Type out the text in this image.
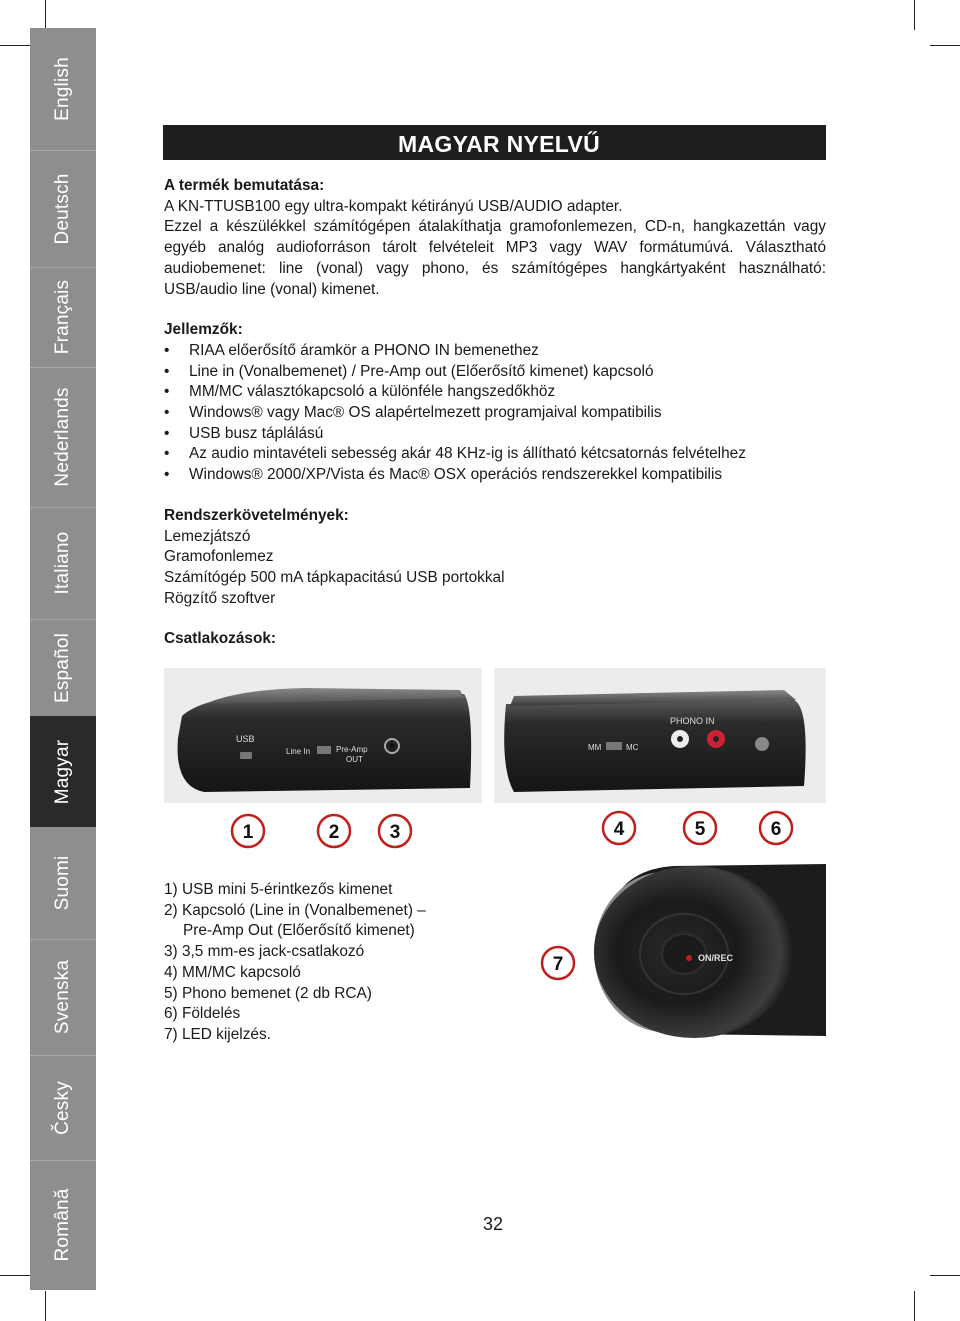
English
Deutsch
Français
Nederlands
Italiano
Español
Magyar
Suomi
Svenska
Česky
Română
MAGYAR NYELVŰ

A termék bemutatása:

A KN-TTUSB100 egy ultra-kompakt kétirányú USB/AUDIO adapter.

Ezzel a készülékkel számítógépen átalakíthatja gramofonlemezen, CD-n, hangkazettán vagy egyéb analóg audioforráson tárolt felvételeit MP3 vagy WAV formátumúvá. Választható audiobemenet: line (vonal) vagy phono, és számítógépes hangkártyaként használható: USB/audio line (vonal) kimenet.

Jellemzők:

• RIAA előerősítő áramkör a PHONO IN bemenethez
• Line in (Vonalbemenet) / Pre-Amp out (Előerősítő kimenet) kapcsoló
• MM/MC választókapcsoló a különféle hangszedőkhöz
• Windows® vagy Mac® OS alapértelmezett programjaival kompatibilis
• USB busz táplálású
• Az audio mintavételi sebesség akár 48 KHz-ig is állítható kétcsatornás felvételhez
• Windows® 2000/XP/Vista és Mac® OSX operációs rendszerekkel kompatibilis

Rendszerkövetelmények:

Lemezjátszó

Gramofonlemez

Számítógép 500 mA tápkapacitású USB portokkal

Rögzítő szoftver

Csatlakozások:

USB
Line In	Pre-Amp
OUT
PHONO IN
MM	MC
1	2	3	4	5	6
ON/REC
7

1) USB mini 5-érintkezős kimenet

2) Kapcsoló (Line in (Vonalbemenet) –

Pre-Amp Out (Előerősítő kimenet)

3) 3,5 mm-es jack-csatlakozó

4) MM/MC kapcsoló

5) Phono bemenet (2 db RCA)

6) Földelés

7) LED kijelzés.

32
